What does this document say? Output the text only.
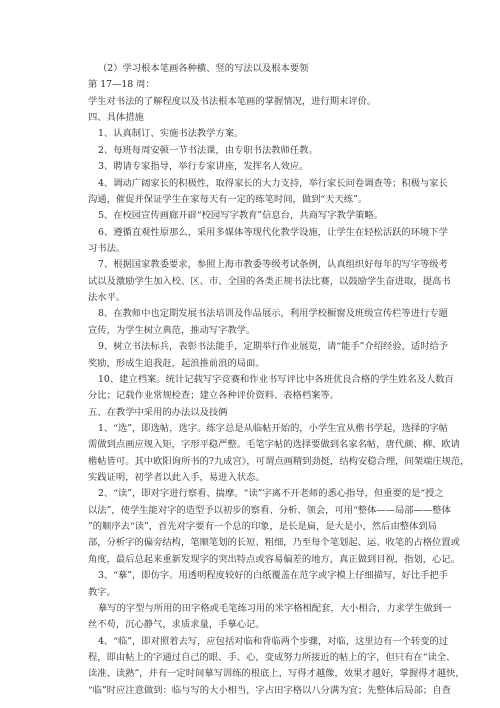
（2）学习根本笔画各种横、竖的写法以及根本要领
第 17—18 周：
学生对书法的了解程度以及书法根本笔画的掌握情况，进行期末评价。
四、具体措施
1、认真制订、实施书法教学方案。
2、每班每周安顿一节书法课，由专职书法教师任教。
3、聘请专家指导，举行专家讲座，发挥名人效应。
4、调动广阔家长的积极性，取得家长的大力支持，举行家长问卷调查等；积极与家长
沟通，催促并保证学生在家每天有一定的练笔时间，做到“天天练”。
5、在校园宣传画廊开辟“校园写字教育”信息台，共商写字教学策略。
6、遵循直观性原那么，采用多媒体等现代化教学设施，让学生在轻松活跃的环境下学
习书法。
7、根据国家教委要求，参照上海市教委等级考试条例，认真组织好每年的写字等级考
试以及激励学生加入校、区、市、全国的各类正规书法比赛，以鼓励学生奋进取，提高书
法水平。
8、在教师中也定期发展书法培训及作品展示，利用学校橱窗及班级宣传栏等进行专题
宣传，为学生树立典范，推动写字教学。
9、树立书法标兵，表彰书法能手，定期举行作业展览，请“能手”介绍经验，适时给予
奖励，形成生追我赶，起浪推前浪的局面。
10、建立档案。统计记载写字竞赛和作业书写评比中各班优良合格的学生姓名及人数百
分比；记载作业常规检查；建立各种评价资料、表格档案等。
五、在教学中采用的办法以及技俩
1、“选”，即选帖，选字。练字总是从临帖开始的，小学生宜从楷书学起，选择的字帖
需做到点画应规入矩，字形平稳严整。毛笔字帖的选择要做到名家名帖，唐代颜、柳、欧请
楷帖皆可。其中欧阳询所书的?九成宫》，可谓点画精到劲挺，结构安稳合理，间架端庄规范，
实践证明，初学者以此入手，易进入状态。
2、“读”，即对字进行察看、揣摩。“读”字离不开老师的悉心指导，但重要的是“授之
以法”，使学生能对字的造型予以初步的察看、分析、领会，可用“整体——局部——整体
”的顺序去“读”，首先对字要有一个总的印象，是长是扁，是大是小，然后由整体到局
部，分析字的偏旁结构，笔顺笔划的长短、粗细，乃至每个笔划起、运、收笔的占格位置或
角度，最后总起来重新发现字的突出特点或容易偏差的地方，真正做到目视，指划，心记。
3、“摹”，即仿字。用透明程度较好的白纸覆盖在范字或字模上仔细描写，好比手把手
教字。
摹写的字型与所用的田字格或毛笔练习用的米字格相配套，大小相合，力求学生做到一
丝不苟，沉心静气，求质求量，手摹心记。
4、“临”，即对照着去写，应包括对临和背临两个步骤，对临，这里边有一个转变的过
程，即由帖上的字通过自己的眼、手、心，变成努力所接近的帖上的字，但只有在“读全、
读准、读熟”，并有一定时间摹写训练的根底上，写得才越像，效果才越好，掌握得才越快，
“临”时应注意做到：临与写的大小相当，字占田字格以八分满为宜；先整体后局部；自查
